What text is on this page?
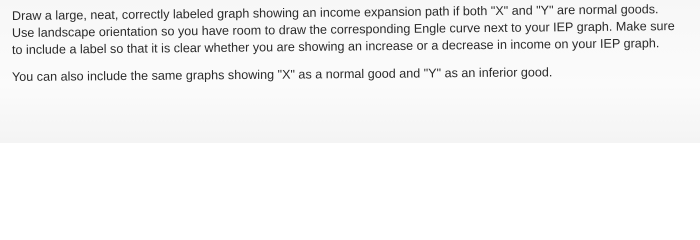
Draw a large, neat, correctly labeled graph showing an income expansion path if both "X" and "Y" are normal goods.

Use landscape orientation so you have room to draw the corresponding Engle curve next to your IEP graph. Make sure

to include a label so that it is clear whether you are showing an increase or a decrease in income on your IEP graph.

You can also include the same graphs showing "X" as a normal good and "Y" as an inferior good.
